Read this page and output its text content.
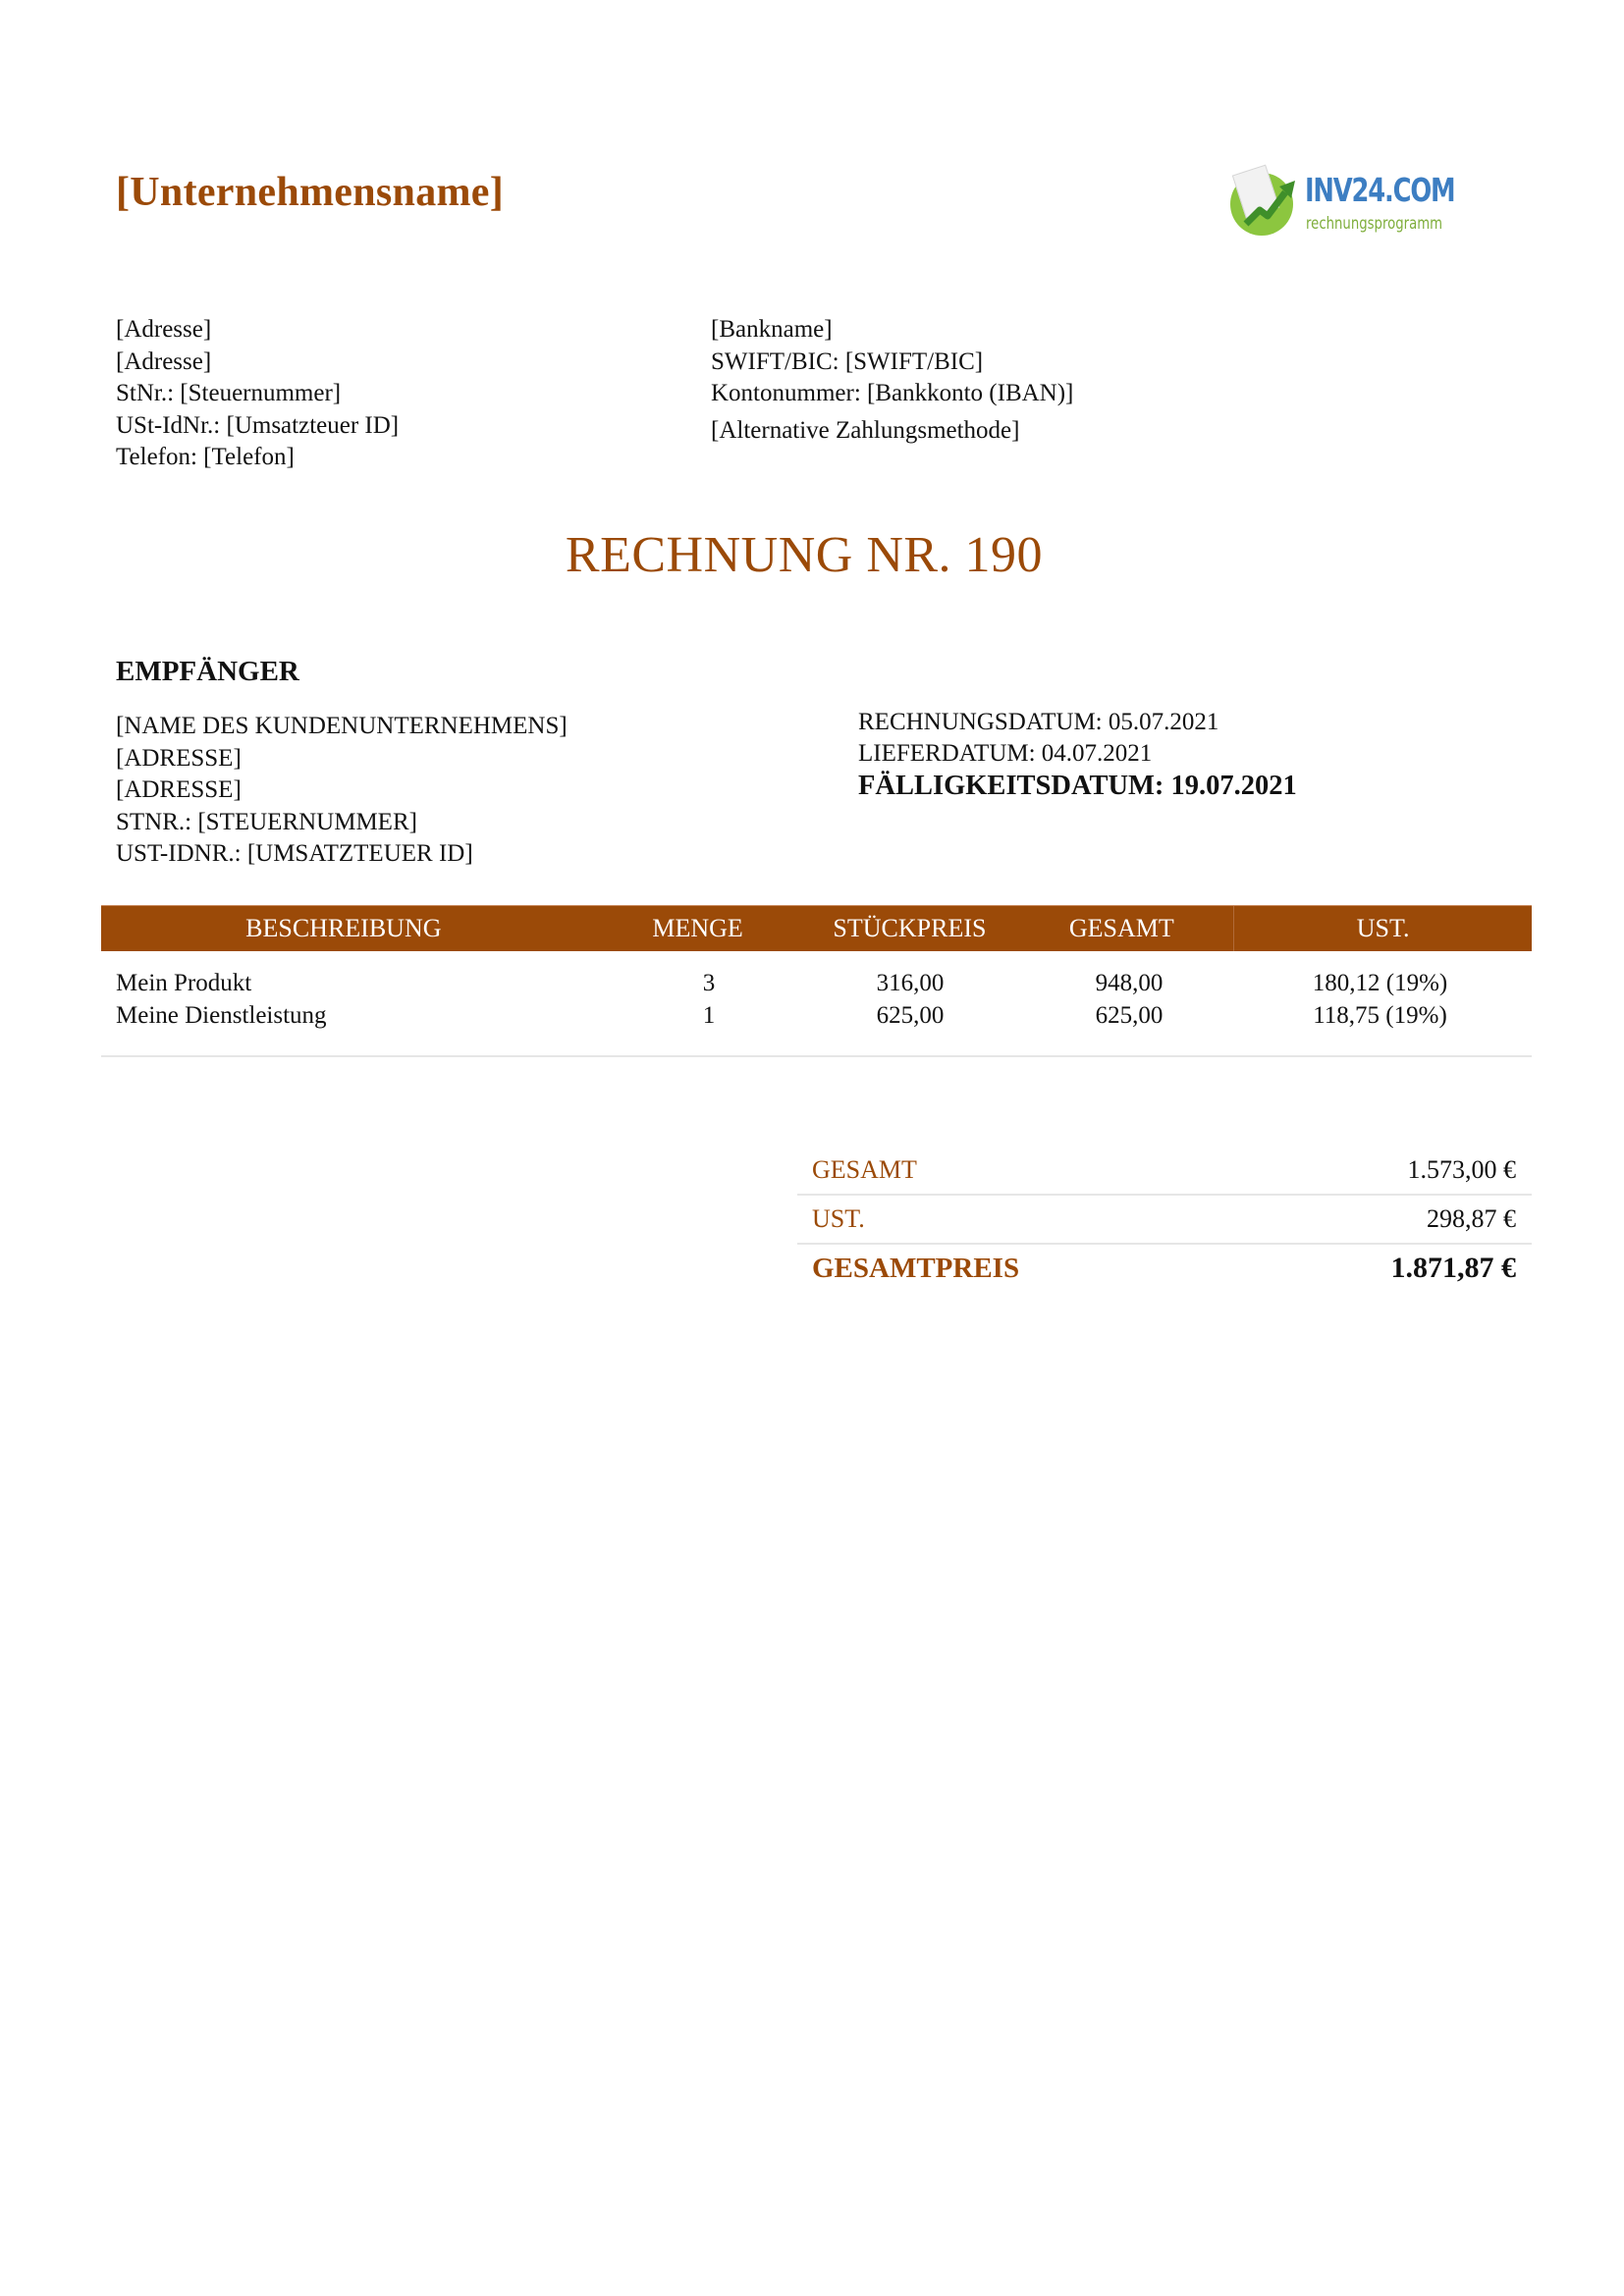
[Unternehmensname]	INV24.COM
rechnungsprogramm
[Adresse]
[Adresse]
StNr.: [Steuernummer]
USt-IdNr.: [Umsatzteuer ID]
Telefon: [Telefon]
[Bankname]
SWIFT/BIC: [SWIFT/BIC]
Kontonummer: [Bankkonto (IBAN)]
[Alternative Zahlungsmethode]
RECHNUNG NR. 190
EMPFÄNGER
[NAME DES KUNDENUNTERNEHMENS]
[ADRESSE]
[ADRESSE]
STNR.: [STEUERNUMMER]
UST-IDNR.: [UMSATZTEUER ID]
RECHNUNGSDATUM: 05.07.2021
LIEFERDATUM: 04.07.2021
FÄLLIGKEITSDATUM: 19.07.2021
BESCHREIBUNG	MENGE	STÜCKPREIS	GESAMT	UST.
Mein Produkt	3	316,00	948,00	180,12 (19%)
Meine Dienstleistung	1	625,00	625,00	118,75 (19%)
GESAMT	1.573,00 €
UST.	298,87 €
GESAMTPREIS	1.871,87 €
